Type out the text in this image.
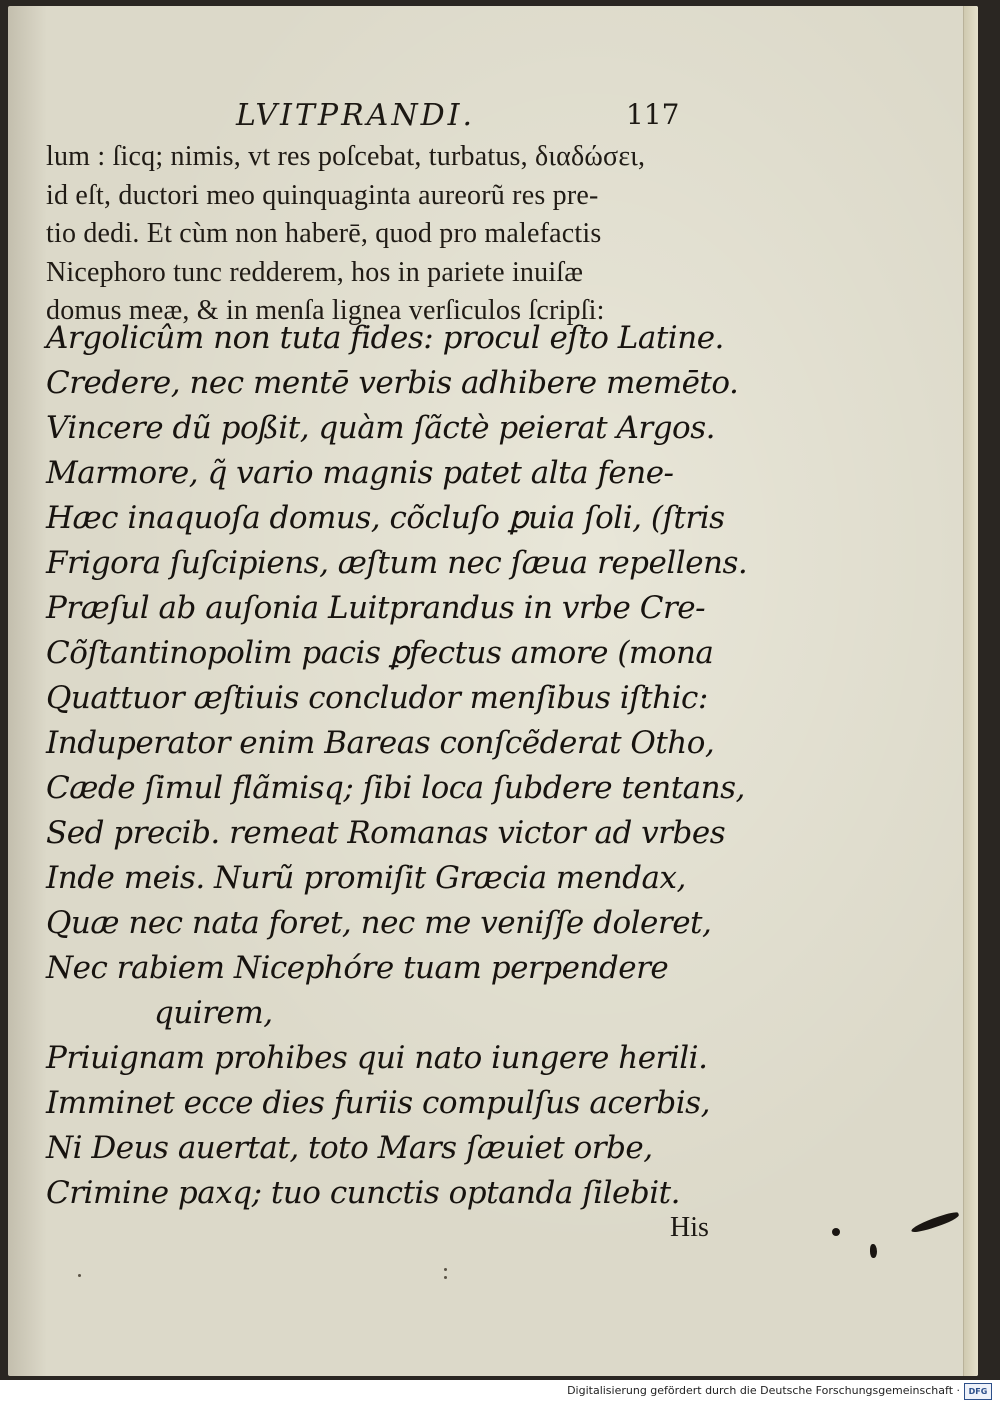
LVITPRANDI.	117
lum : ſicq; nimis, vt res poſcebat, turbatus, διαδώσει,
id eſt, ductori meo quinquaginta aureorũ res pre-
tio dedi. Et cùm non haberē, quod pro malefactis
Nicephoro tunc redderem, hos in pariete inuiſæ
domus meæ, & in menſa lignea verſiculos ſcripſi:
Argolicûm non tuta fides: procul eſto Latine.
Credere, nec mentē verbis adhibere memēto.
Vincere dũ poßit, quàm ſãctè peierat Argos.
Marmore, q̃ vario magnis patet alta fene-
Hæc inaquoſa domus, cõcluſo ꝑuia ſoli, (ſtris
Frigora ſuſcipiens, æſtum nec ſæua repellens.
Præſul ab auſonia Luitprandus in vrbe Cre-
Cõſtantinopolim pacis ꝑfectus amore (mona
Quattuor æſtiuis concludor menſibus iſthic:
Induperator enim Bareas conſcẽderat Otho,
Cæde ſimul flãmisq; ſibi loca ſubdere tentans,
Sed precib. remeat Romanas victor ad vrbes
Inde meis. Nurũ promiſit Græcia mendax,
Quæ nec nata foret, nec me veniſſe doleret,
Nec rabiem Nicephóre tuam perpendere
quirem,
Priuignam prohibes qui nato iungere herili.
Imminet ecce dies furiis compulſus acerbis,
Ni Deus auertat, toto Mars ſæuiet orbe,
Crimine paxq; tuo cunctis optanda ſilebit.
His
Digitalisierung gefördert durch die Deutsche Forschungsgemeinschaft ·	DFG
